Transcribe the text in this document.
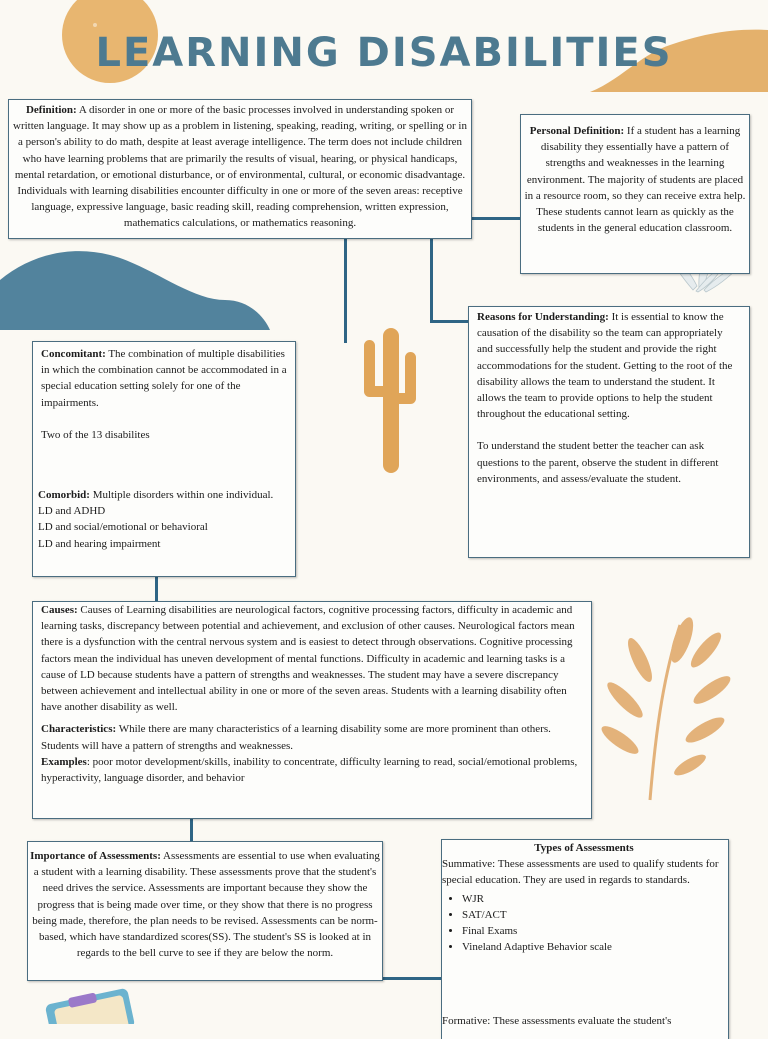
LEARNING DISABILITIES
Definition: A disorder in one or more of the basic processes involved in understanding spoken or written language. It may show up as a problem in listening, speaking, reading, writing, or spelling or in a person's ability to do math, despite at least average intelligence. The term does not include children who have learning problems that are primarily the results of visual, hearing, or physical handicaps, mental retardation, or emotional disturbance, or of environmental, cultural, or economic disadvantage. Individuals with learning disabilities encounter difficulty in one or more of the seven areas: receptive language, expressive language, basic reading skill, reading comprehension, written expression, mathematics calculations, or mathematics reasoning.
Personal Definition: If a student has a learning disability they essentially have a pattern of strengths and weaknesses in the learning environment. The majority of students are placed in a resource room, so they can receive extra help. These students cannot learn as quickly as the students in the general education classroom.

Reasons for Understanding: It is essential to know the causation of the disability so the team can appropriately and successfully help the student and provide the right accommodations for the student. Getting to the root of the disability allows the team to understand the student. It allows the team to provide options to help the student throughout the educational setting.

To understand the student better the teacher can ask questions to the parent, observe the student in different environments, and assess/evaluate the student.

Concomitant: The combination of multiple disabilities in which the combination cannot be accommodated in a special education setting solely for one of the impairments.

Two of the 13 disabilites

Comorbid: Multiple disorders within one individual.

LD and ADHD

LD and social/emotional or behavioral

LD and hearing impairment

Causes: Causes of Learning disabilities are neurological factors, cognitive processing factors, difficulty in academic and learning tasks, discrepancy between potential and achievement, and exclusion of other causes. Neurological factors mean there is a dysfunction with the central nervous system and is easiest to detect through observations. Cognitive processing factors mean the individual has uneven development of mental functions. Difficulty in academic and learning tasks is a cause of LD because students have a pattern of strengths and weaknesses. The student may have a severe discrepancy between achievement and intellectual ability in one or more of the seven areas. Students with a learning disability often have another disability as well.

Characteristics: While there are many characteristics of a learning disability some are more prominent than others. Students will have a pattern of strengths and weaknesses.

Examples: poor motor development/skills, inability to concentrate, difficulty learning to read, social/emotional problems, hyperactivity, language disorder, and behavior

Importance of Assessments: Assessments are essential to use when evaluating a student with a learning disability. These assessments prove that the student's need drives the service. Assessments are important because they show the progress that is being made over time, or they show that there is no progress being made, therefore, the plan needs to be revised. Assessments can be norm-based, which have standardized scores(SS). The student's SS is looked at in regards to the bell curve to see if they are below the norm.

Types of Assessments

Summative: These assessments are used to qualify students for special education. They are used in regards to standards.

• WJR
• SAT/ACT
• Final Exams
• Vineland Adaptive Behavior scale

Formative: These assessments evaluate the student's
